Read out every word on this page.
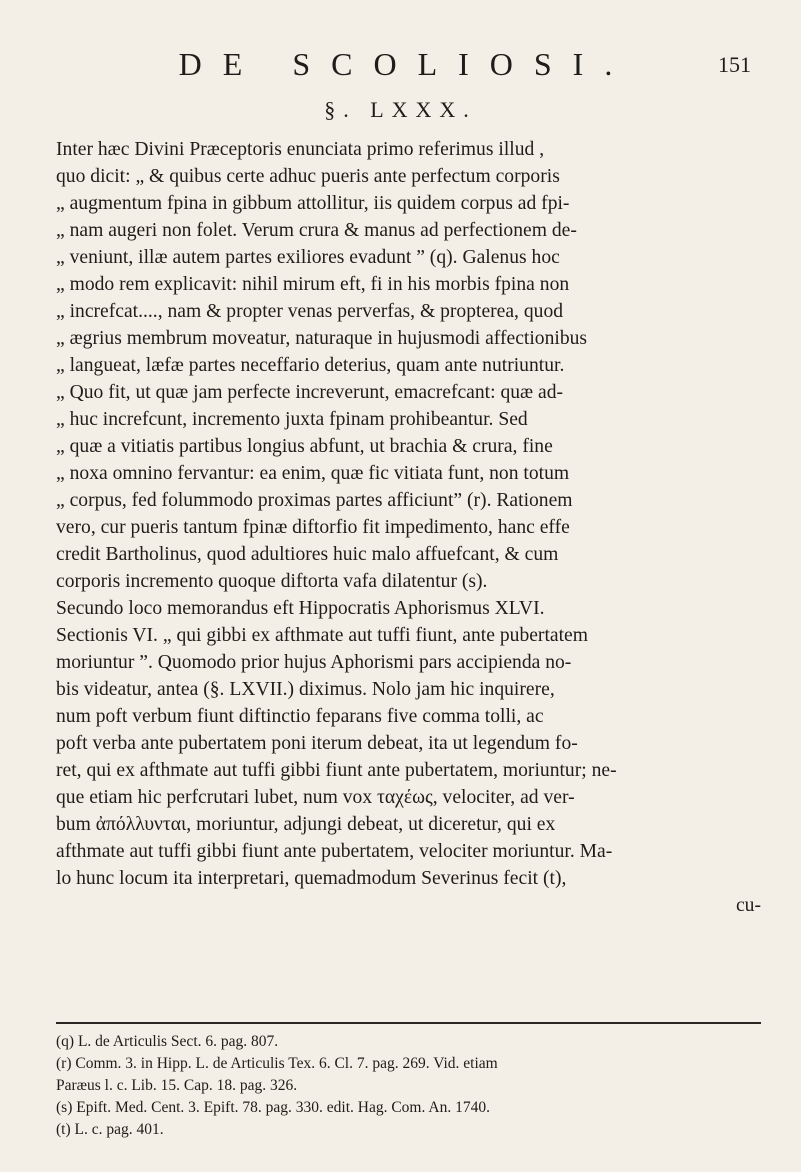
DE SCOLIOSI.	151
§. LXXX.
Inter hæc Divini Præceptoris enunciata primo referimus illud ,
quo dicit: „ & quibus certe adhuc pueris ante perfectum corporis
„ augmentum fpina in gibbum attollitur, iis quidem corpus ad fpi-
„ nam augeri non folet. Verum crura & manus ad perfectionem de-
„ veniunt, illæ autem partes exiliores evadunt ” (q). Galenus hoc
„ modo rem explicavit: nihil mirum eft, fi in his morbis fpina non
„ increfcat...., nam & propter venas perverfas, & propterea, quod
„ ægrius membrum moveatur, naturaque in hujusmodi affectionibus
„ langueat, læfæ partes neceffario deterius, quam ante nutriuntur.
„ Quo fit, ut quæ jam perfecte increverunt, emacrefcant: quæ ad-
„ huc increfcunt, incremento juxta fpinam prohibeantur. Sed
„ quæ a vitiatis partibus longius abfunt, ut brachia & crura, fine
„ noxa omnino fervantur: ea enim, quæ fic vitiata funt, non totum
„ corpus, fed folummodo proximas partes afficiunt” (r). Rationem
vero, cur pueris tantum fpinæ diftorfio fit impedimento, hanc effe
credit Bartholinus, quod adultiores huic malo affuefcant, & cum
corporis incremento quoque diftorta vafa dilatentur (s).
Secundo loco memorandus eft Hippocratis Aphorismus XLVI.
Sectionis VI. „ qui gibbi ex afthmate aut tuffi fiunt, ante pubertatem
moriuntur ”. Quomodo prior hujus Aphorismi pars accipienda no-
bis videatur, antea (§. LXVII.) diximus. Nolo jam hic inquirere,
num poft verbum fiunt diftinctio feparans five comma tolli, ac
poft verba ante pubertatem poni iterum debeat, ita ut legendum fo-
ret, qui ex afthmate aut tuffi gibbi fiunt ante pubertatem, moriuntur; ne-
que etiam hic perfcrutari lubet, num vox ταχέως, velociter, ad ver-
bum ἀπόλλυνται, moriuntur, adjungi debeat, ut diceretur, qui ex
afthmate aut tuffi gibbi fiunt ante pubertatem, velociter moriuntur. Ma-
lo hunc locum ita interpretari, quemadmodum Severinus fecit (t),
cu-
(q) L. de Articulis Sect. 6. pag. 807.
(r) Comm. 3. in Hipp. L. de Articulis Tex. 6. Cl. 7. pag. 269. Vid. etiam
Paræus l. c. Lib. 15. Cap. 18. pag. 326.
(s) Epift. Med. Cent. 3. Epift. 78. pag. 330. edit. Hag. Com. An. 1740.
(t) L. c. pag. 401.
